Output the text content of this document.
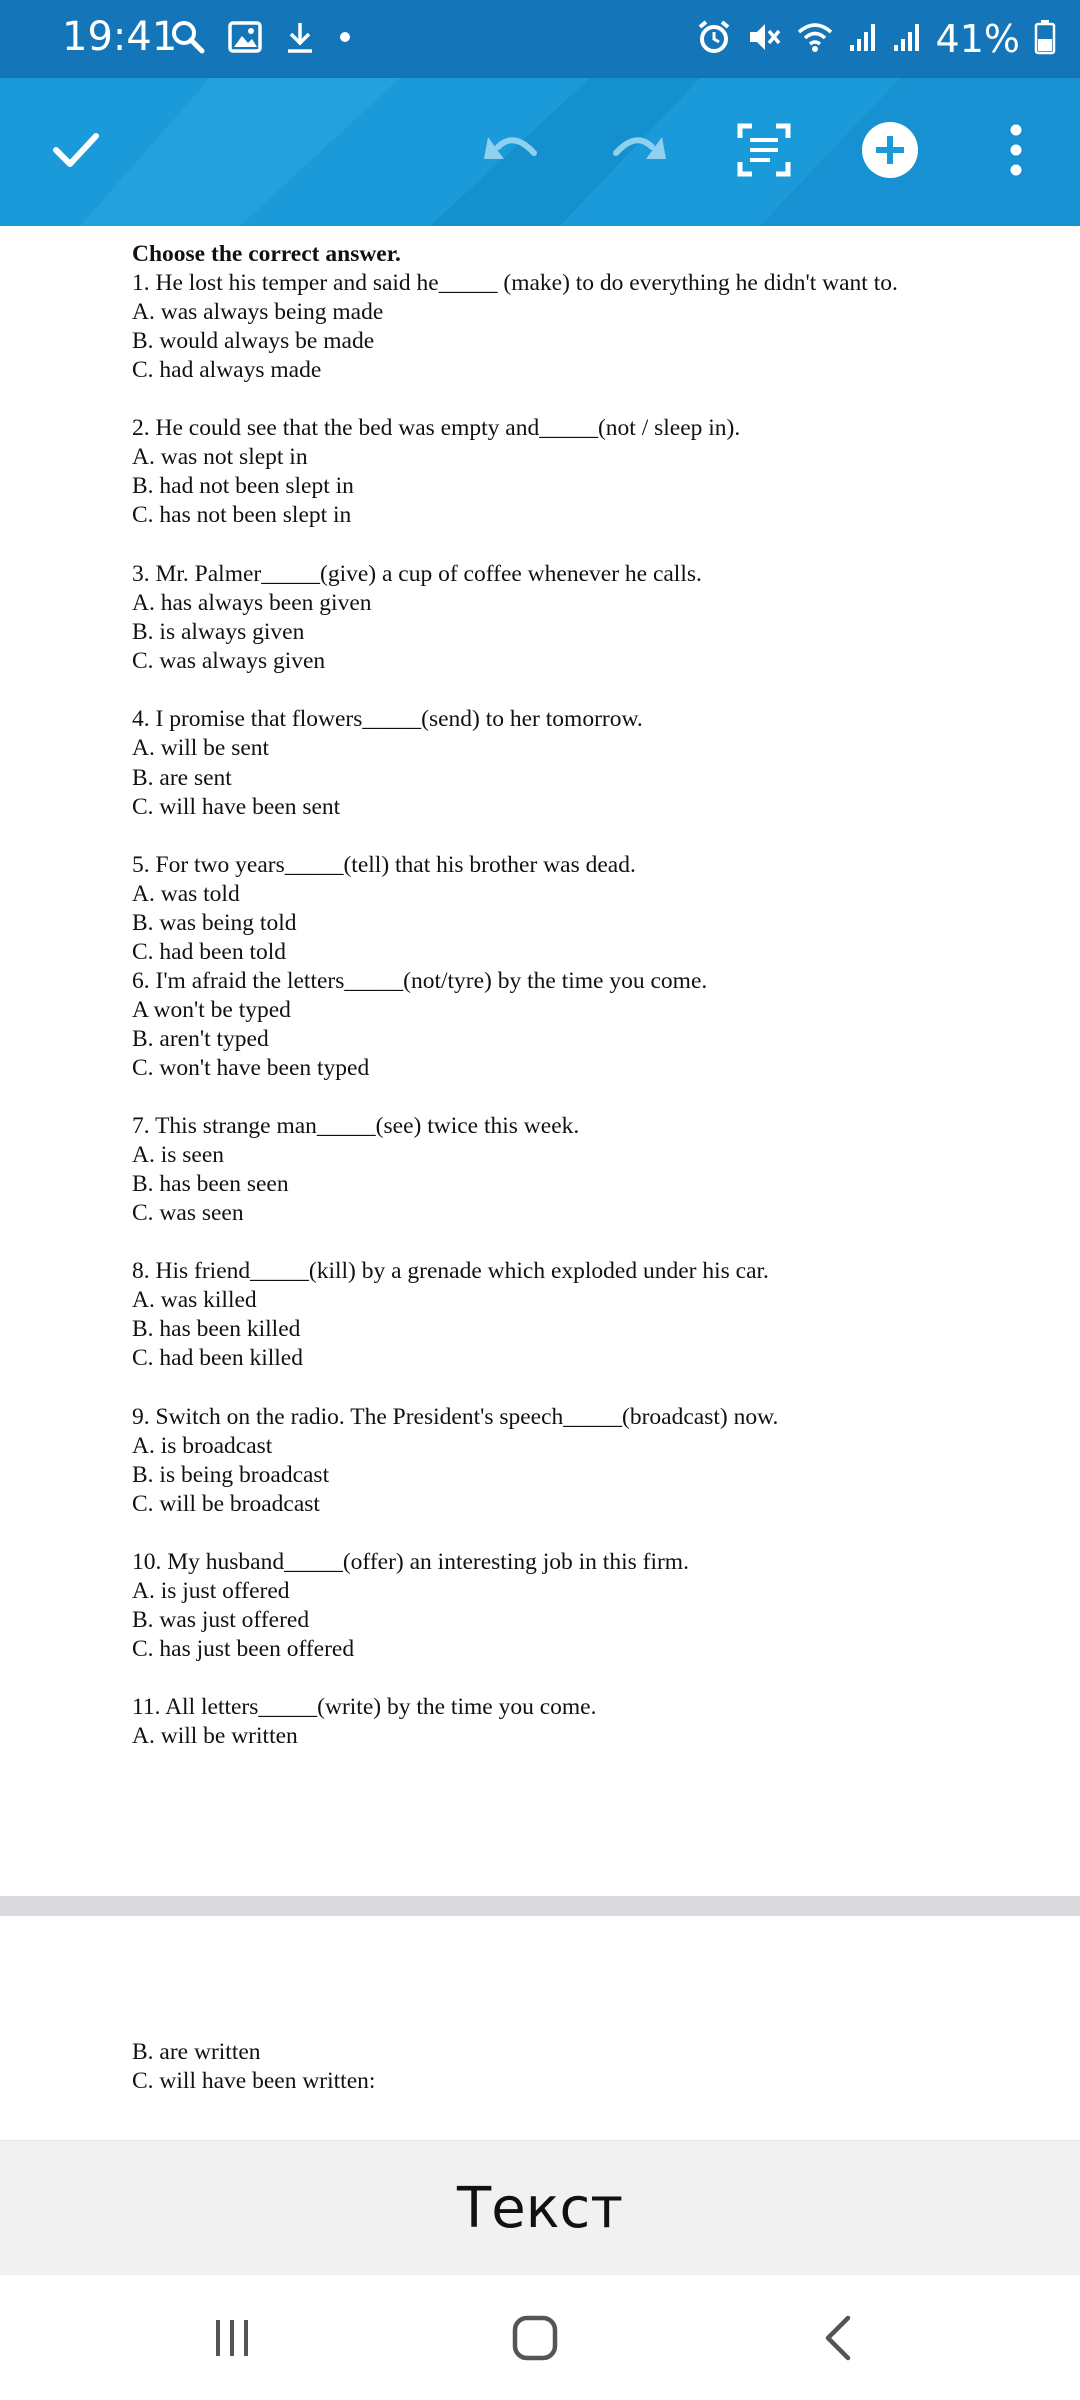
19:41	41%
Choose the correct answer.
1. He lost his temper and said he_____ (make) to do everything he didn't want to.
A. was always being made
B. would always be made
C. had always made
2. He could see that the bed was empty and_____(not / sleep in).
A. was not slept in
B. had not been slept in
C. has not been slept in
3. Mr. Palmer_____(give) a cup of coffee whenever he calls.
A. has always been given
B. is always given
C. was always given
4. I promise that flowers_____(send) to her tomorrow.
A. will be sent
B. are sent
C. will have been sent
5. For two years_____(tell) that his brother was dead.
A. was told
B. was being told
C. had been told
6. I'm afraid the letters_____(not/tyre) by the time you come.
A won't be typed
B. aren't typed
C. won't have been typed
7. This strange man_____(see) twice this week.
A. is seen
B. has been seen
C. was seen
8. His friend_____(kill) by a grenade which exploded under his car.
A. was killed
B. has been killed
C. had been killed
9. Switch on the radio. The President's speech_____(broadcast) now.
A. is broadcast
B. is being broadcast
C. will be broadcast
10. My husband_____(offer) an interesting job in this firm.
A. is just offered
B. was just offered
C. has just been offered
11. All letters_____(write) by the time you come.
A. will be written
B. are written
C. will have been written:
Текст
